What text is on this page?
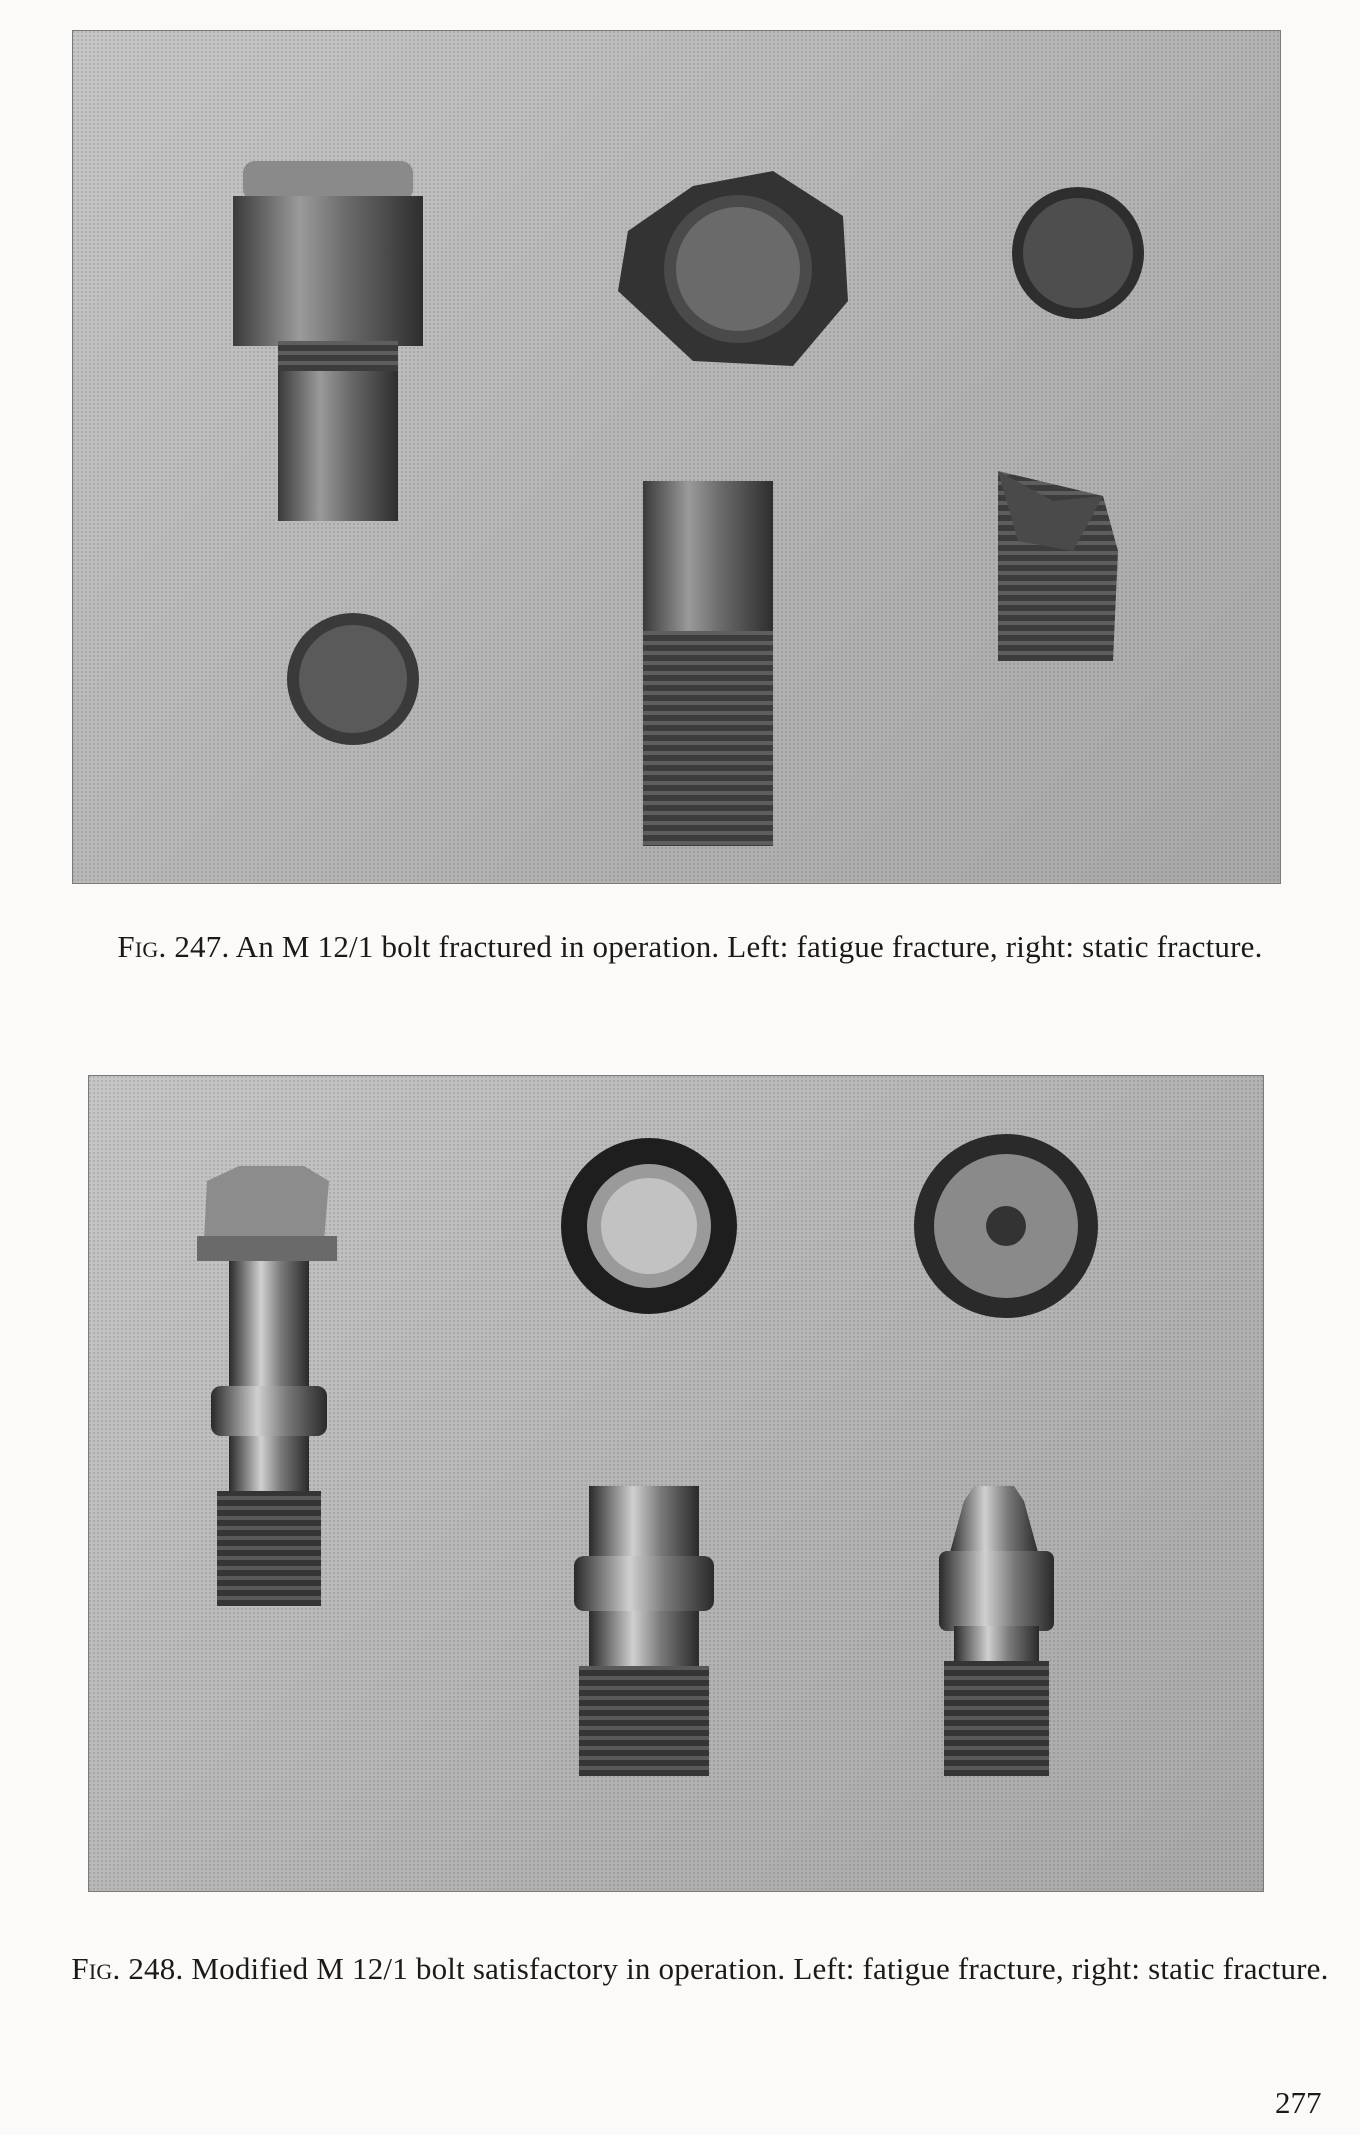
Fig. 247. An M 12/1 bolt fractured in operation. Left: fatigue fracture, right: static fracture.
Fig. 248. Modified M 12/1 bolt satisfactory in operation. Left: fatigue fracture, right: static fracture.
277
